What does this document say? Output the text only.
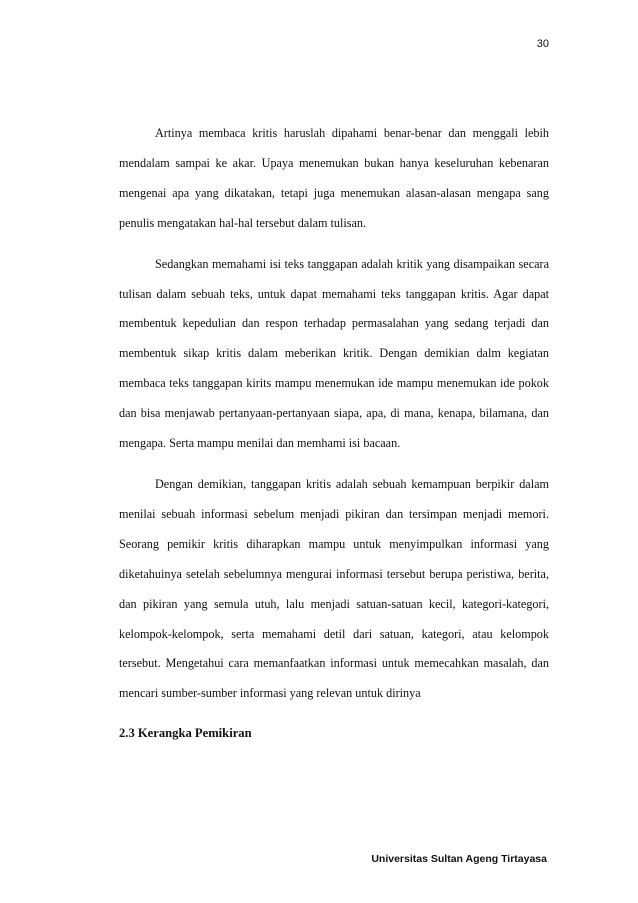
30

Artinya membaca kritis haruslah dipahami benar-benar dan menggali lebih mendalam sampai ke akar. Upaya menemukan bukan hanya keseluruhan kebenaran mengenai apa yang dikatakan, tetapi juga menemukan alasan-alasan mengapa sang penulis mengatakan hal-hal tersebut dalam tulisan.

Sedangkan memahami isi teks tanggapan adalah kritik yang disampaikan secara tulisan dalam sebuah teks, untuk dapat memahami teks tanggapan kritis. Agar dapat membentuk kepedulian dan respon terhadap permasalahan yang sedang terjadi dan membentuk sikap kritis dalam meberikan kritik. Dengan demikian dalm kegiatan membaca teks tanggapan kirits mampu menemukan ide mampu menemukan ide pokok dan bisa menjawab pertanyaan-pertanyaan siapa, apa, di mana, kenapa, bilamana, dan mengapa. Serta mampu menilai dan memhami isi bacaan.

Dengan demikian, tanggapan kritis adalah sebuah kemampuan berpikir dalam menilai sebuah informasi sebelum menjadi pikiran dan tersimpan menjadi memori. Seorang pemikir kritis diharapkan mampu untuk menyimpulkan informasi yang diketahuinya setelah sebelumnya mengurai informasi tersebut berupa peristiwa, berita, dan pikiran yang semula utuh, lalu menjadi satuan-satuan kecil, kategori-kategori, kelompok-kelompok, serta memahami detil dari satuan, kategori, atau kelompok tersebut. Mengetahui cara memanfaatkan informasi untuk memecahkan masalah, dan mencari sumber-sumber informasi yang relevan untuk dirinya

2.3 Kerangka Pemikiran
Universitas Sultan Ageng Tirtayasa
